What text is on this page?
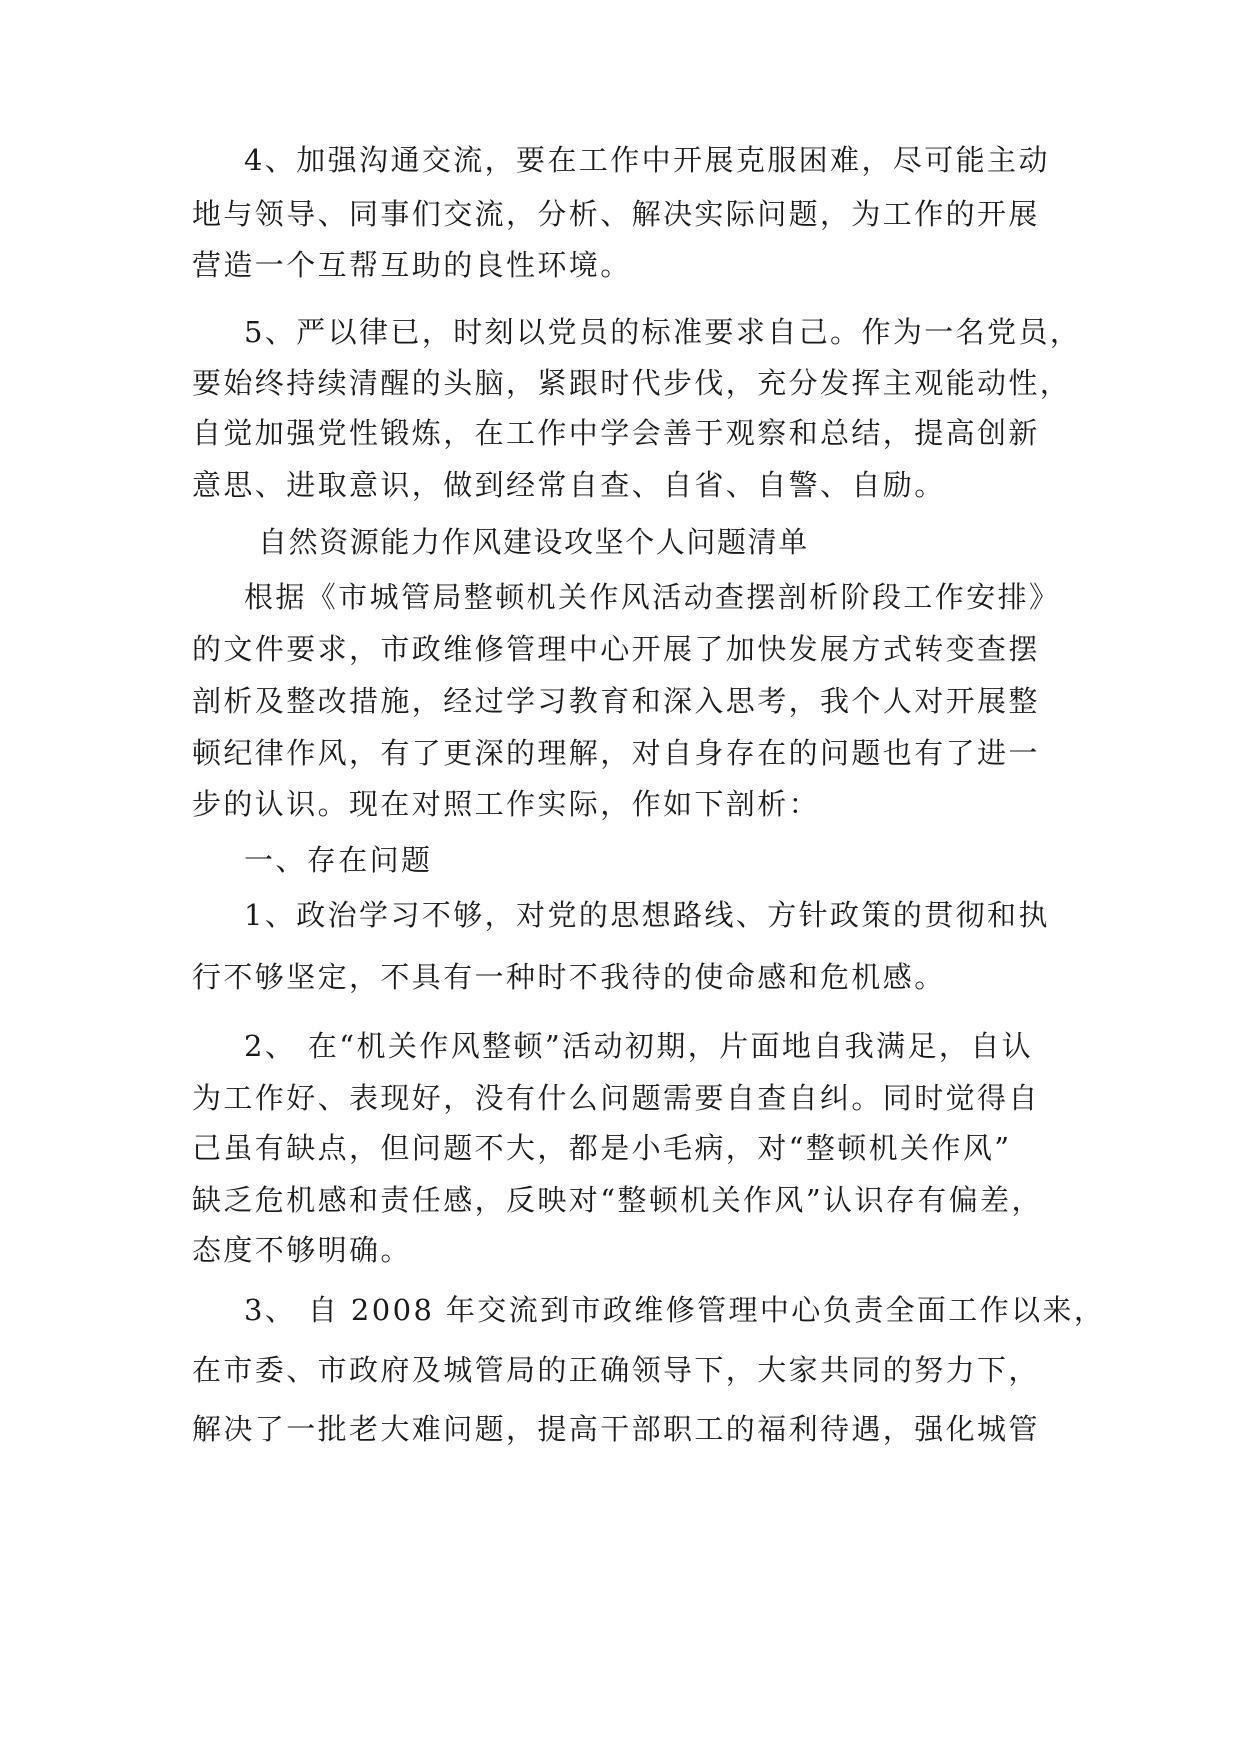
4、加强沟通交流，要在工作中开展克服困难，尽可能主动
地与领导、同事们交流，分析、解决实际问题，为工作的开展
营造一个互帮互助的良性环境。
5、严以律已，时刻以党员的标准要求自己。作为一名党员，
要始终持续清醒的头脑，紧跟时代步伐，充分发挥主观能动性，
自觉加强党性锻炼，在工作中学会善于观察和总结，提高创新
意思、进取意识，做到经常自查、自省、自警、自励。
自然资源能力作风建设攻坚个人问题清单
根据《市城管局整顿机关作风活动查摆剖析阶段工作安排》
的文件要求，市政维修管理中心开展了加快发展方式转变查摆
剖析及整改措施，经过学习教育和深入思考，我个人对开展整
顿纪律作风，有了更深的理解，对自身存在的问题也有了进一
步的认识。现在对照工作实际，作如下剖析：
一、存在问题
1、政治学习不够，对党的思想路线、方针政策的贯彻和执
行不够坚定，不具有一种时不我待的使命感和危机感。
2、 在“机关作风整顿”活动初期，片面地自我满足，自认
为工作好、表现好，没有什么问题需要自查自纠。同时觉得自
己虽有缺点，但问题不大，都是小毛病，对“整顿机关作风”
缺乏危机感和责任感，反映对“整顿机关作风”认识存有偏差，
态度不够明确。
3、 自 2008 年交流到市政维修管理中心负责全面工作以来，
在市委、市政府及城管局的正确领导下，大家共同的努力下，
解决了一批老大难问题，提高干部职工的福利待遇，强化城管
